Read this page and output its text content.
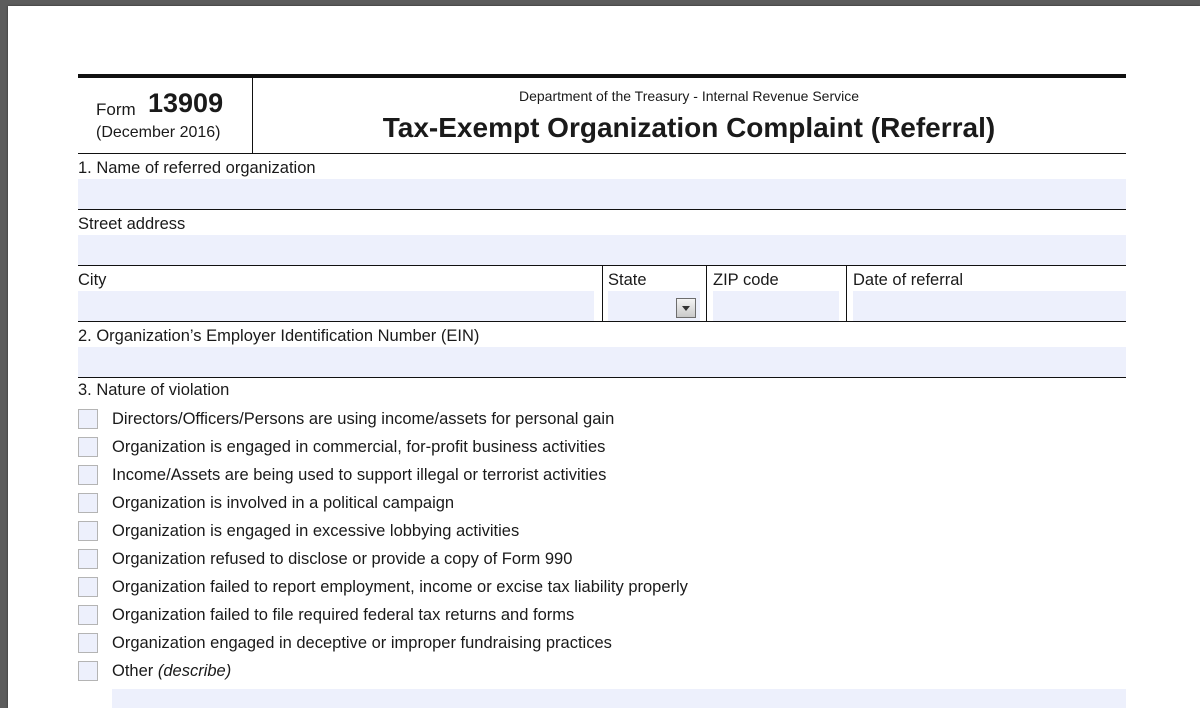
Form 13909
(December 2016)
Department of the Treasury - Internal Revenue Service
Tax-Exempt Organization Complaint (Referral)
1. Name of referred organization
Street address
City	State	ZIP code	Date of referral
2. Organization’s Employer Identification Number (EIN)
3. Nature of violation
Directors/Officers/Persons are using income/assets for personal gain
Organization is engaged in commercial, for-profit business activities
Income/Assets are being used to support illegal or terrorist activities
Organization is involved in a political campaign
Organization is engaged in excessive lobbying activities
Organization refused to disclose or provide a copy of Form 990
Organization failed to report employment, income or excise tax liability properly
Organization failed to file required federal tax returns and forms
Organization engaged in deceptive or improper fundraising practices
Other (describe)
